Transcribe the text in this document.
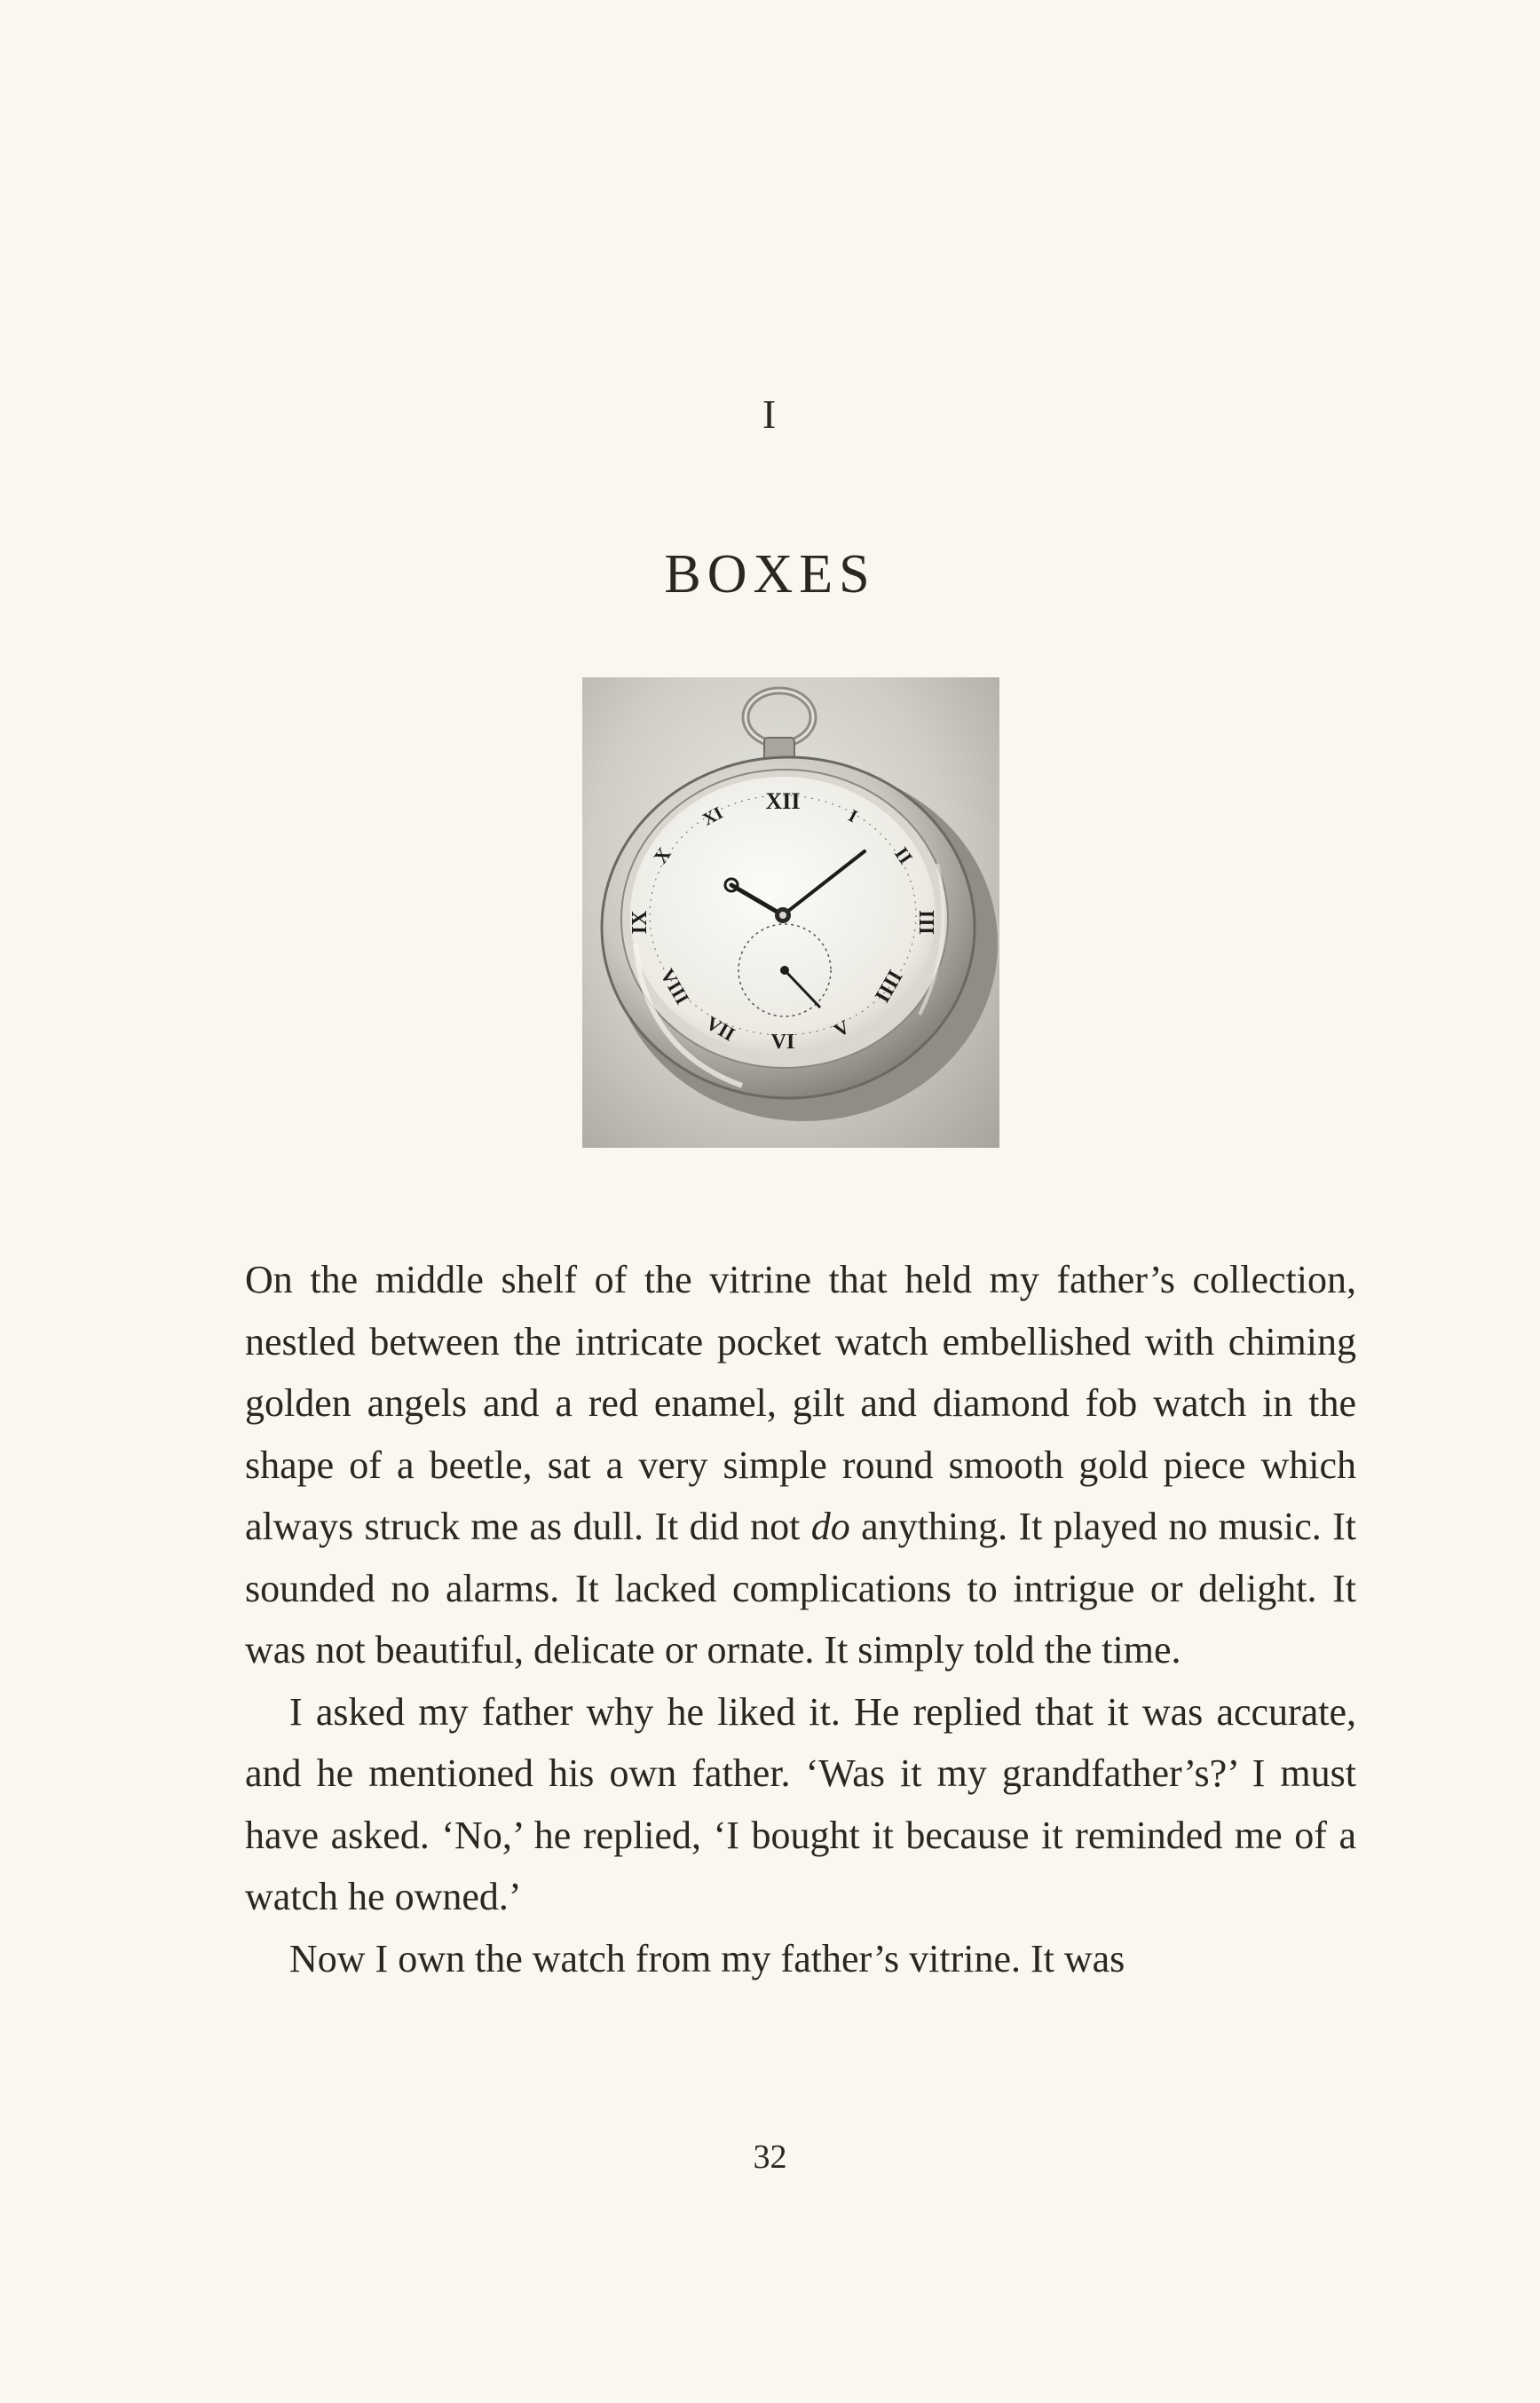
I
BOXES
XII
I
II
III
IIII
V
VI
VII
VIII
IX
X
XI

On the middle shelf of the vitrine that held my father’s collection, nestled between the intricate pocket watch embellished with chiming golden angels and a red enamel, gilt and diamond fob watch in the shape of a beetle, sat a very simple round smooth gold piece which always struck me as dull. It did not do anything. It played no music. It sounded no alarms. It lacked complications to intrigue or delight. It was not beautiful, delicate or ornate. It simply told the time.

I asked my father why he liked it. He replied that it was accurate, and he mentioned his own father. ‘Was it my grandfather’s?’ I must have asked. ‘No,’ he replied, ‘I bought it because it reminded me of a watch he owned.’

Now I own the watch from my father’s vitrine. It was

32
